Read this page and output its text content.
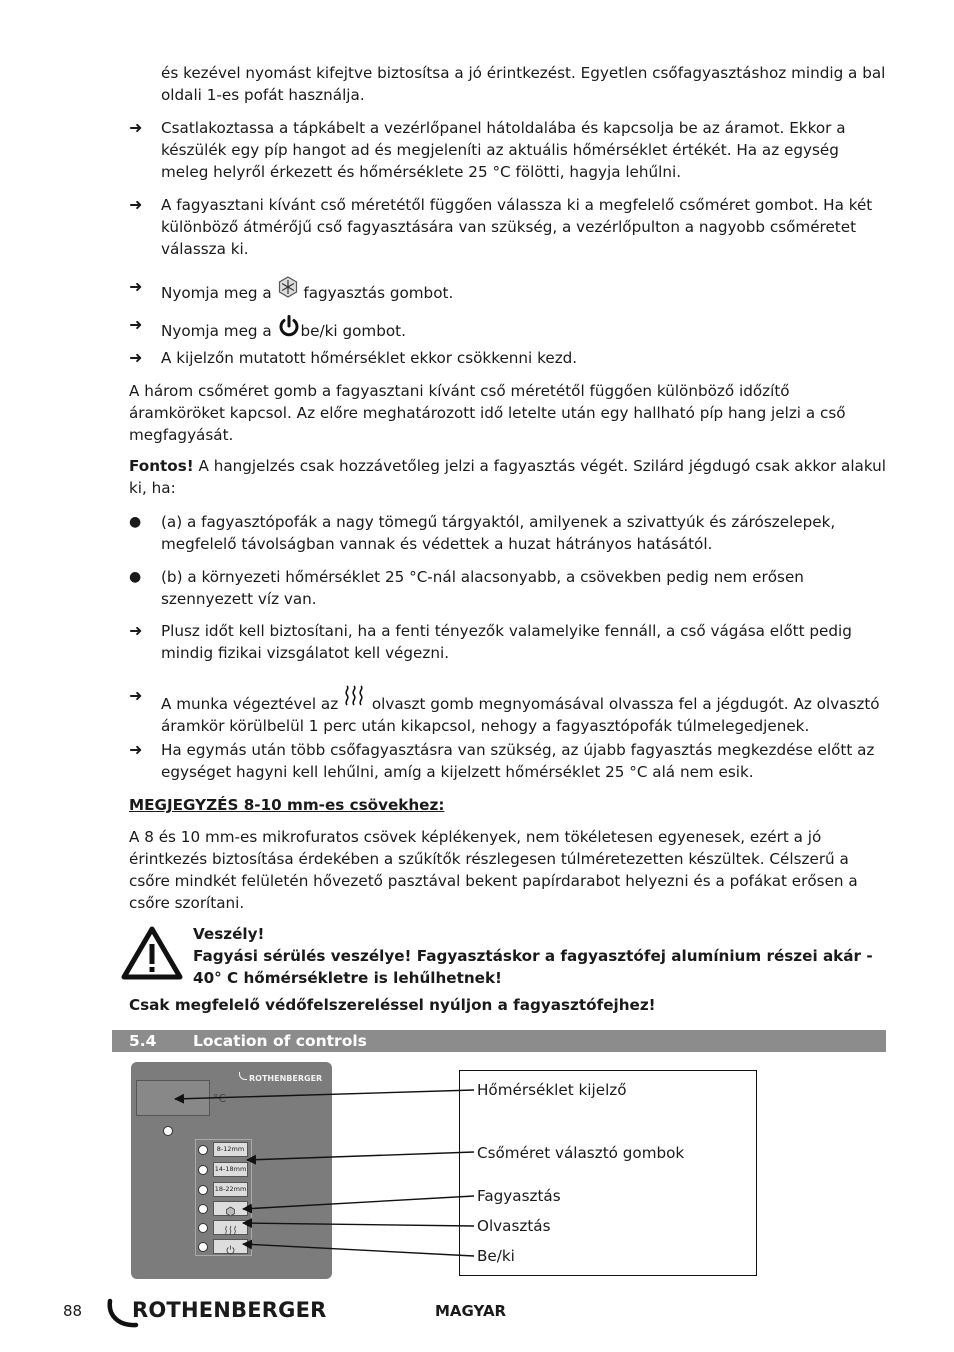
és kezével nyomást kifejtve biztosítsa a jó érintkezést. Egyetlen csőfagyasztáshoz mindig a bal oldali 1-es pofát használja.
➜	Csatlakoztassa a tápkábelt a vezérlőpanel hátoldalába és kapcsolja be az áramot. Ekkor a készülék egy píp hangot ad és megjeleníti az aktuális hőmérséklet értékét. Ha az egység meleg helyről érkezett és hőmérséklete 25 °C fölötti, hagyja lehűlni.
➜	A fagyasztani kívánt cső méretétől függően válassza ki a megfelelő csőméret gombot. Ha két különböző átmérőjű cső fagyasztására van szükség, a vezérlőpulton a nagyobb csőméretet válassza ki.
➜	Nyomja meg a fagyasztás gombot.
➜	Nyomja meg a be/ki gombot.
➜	A kijelzőn mutatott hőmérséklet ekkor csökkenni kezd.
A három csőméret gomb a fagyasztani kívánt cső méretétől függően különböző időzítő áramköröket kapcsol. Az előre meghatározott idő letelte után egy hallható píp hang jelzi a cső megfagyását.
Fontos! A hangjelzés csak hozzávetőleg jelzi a fagyasztás végét. Szilárd jégdugó csak akkor alakul ki, ha:
●	(a) a fagyasztópofák a nagy tömegű tárgyaktól, amilyenek a szivattyúk és zárószelepek, megfelelő távolságban vannak és védettek a huzat hátrányos hatásától.
●	(b) a környezeti hőmérséklet 25 °C-nál alacsonyabb, a csövekben pedig nem erősen szennyezett víz van.
➜	Plusz időt kell biztosítani, ha a fenti tényezők valamelyike fennáll, a cső vágása előtt pedig mindig fizikai vizsgálatot kell végezni.
➜	A munka végeztével az olvaszt gomb megnyomásával olvassza fel a jégdugót. Az olvasztó áramkör körülbelül 1 perc után kikapcsol, nehogy a fagyasztópofák túlmelegedjenek.
➜	Ha egymás után több csőfagyasztásra van szükség, az újabb fagyasztás megkezdése előtt az egységet hagyni kell lehűlni, amíg a kijelzett hőmérséklet 25 °C alá nem esik.
MEGJEGYZÉS 8-10 mm-es csövekhez:
A 8 és 10 mm-es mikrofuratos csövek képlékenyek, nem tökéletesen egyenesek, ezért a jó érintkezés biztosítása érdekében a szűkítők részlegesen túlméretezetten készültek. Célszerű a csőre mindkét felületén hővezető pasztával bekent papírdarabot helyezni és a pofákat erősen a csőre szorítani.
Veszély!
Fagyási sérülés veszélye! Fagyasztáskor a fagyasztófej alumínium részei akár - 40° C hőmérsékletre is lehűlhetnek!
Csak megfelelő védőfelszereléssel nyúljon a fagyasztófejhez!
5.4 Location of controls
°C
ROTHENBERGER
8-12mm
14-18mm
18-22mm
Hőmérséklet kijelző
Csőméret választó gombok
Fagyasztás
Olvasztás
Be/ki
88 ROTHENBERGER	MAGYAR
